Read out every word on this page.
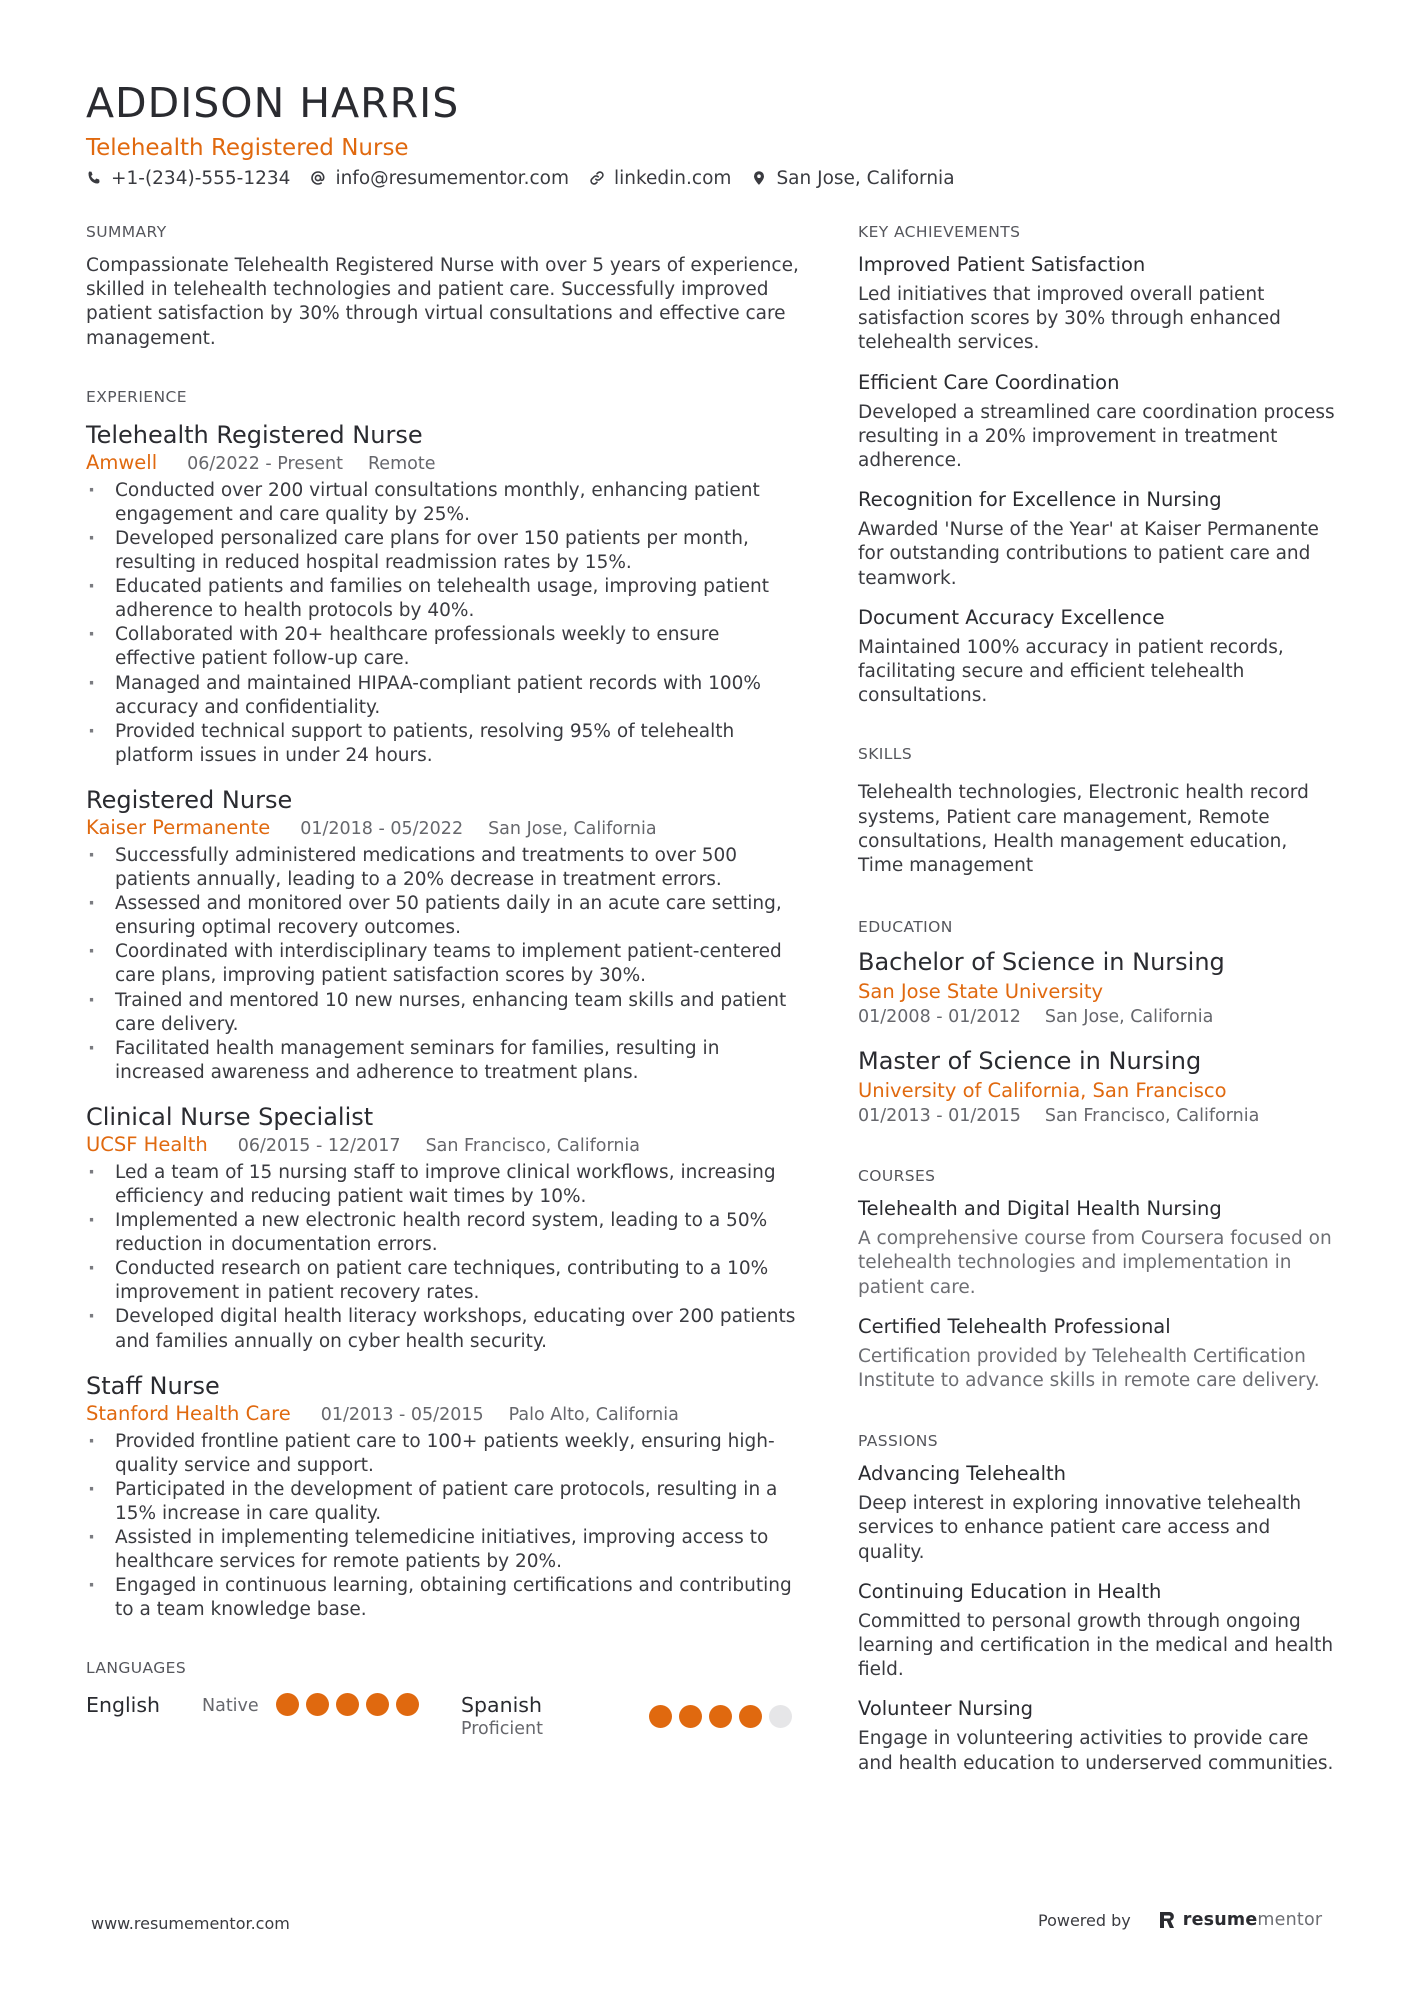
ADDISON HARRIS
Telehealth Registered Nurse
+1-(234)-555-1234 info@resumementor.com linkedin.com San Jose, California
SUMMARY
Compassionate Telehealth Registered Nurse with over 5 years of experience, skilled in telehealth technologies and patient care. Successfully improved patient satisfaction by 30% through virtual consultations and effective care management.
EXPERIENCE
Telehealth Registered Nurse
Amwell 06/2022 - Present Remote
· Conducted over 200 virtual consultations monthly, enhancing patient engagement and care quality by 25%.
· Developed personalized care plans for over 150 patients per month, resulting in reduced hospital readmission rates by 15%.
· Educated patients and families on telehealth usage, improving patient adherence to health protocols by 40%.
· Collaborated with 20+ healthcare professionals weekly to ensure effective patient follow-up care.
· Managed and maintained HIPAA-compliant patient records with 100% accuracy and confidentiality.
· Provided technical support to patients, resolving 95% of telehealth platform issues in under 24 hours.
Registered Nurse
Kaiser Permanente 01/2018 - 05/2022 San Jose, California
· Successfully administered medications and treatments to over 500 patients annually, leading to a 20% decrease in treatment errors.
· Assessed and monitored over 50 patients daily in an acute care setting, ensuring optimal recovery outcomes.
· Coordinated with interdisciplinary teams to implement patient-centered care plans, improving patient satisfaction scores by 30%.
· Trained and mentored 10 new nurses, enhancing team skills and patient care delivery.
· Facilitated health management seminars for families, resulting in increased awareness and adherence to treatment plans.
Clinical Nurse Specialist
UCSF Health 06/2015 - 12/2017 San Francisco, California
· Led a team of 15 nursing staff to improve clinical workflows, increasing efficiency and reducing patient wait times by 10%.
· Implemented a new electronic health record system, leading to a 50% reduction in documentation errors.
· Conducted research on patient care techniques, contributing to a 10% improvement in patient recovery rates.
· Developed digital health literacy workshops, educating over 200 patients and families annually on cyber health security.
Staff Nurse
Stanford Health Care 01/2013 - 05/2015 Palo Alto, California
· Provided frontline patient care to 100+ patients weekly, ensuring high-quality service and support.
· Participated in the development of patient care protocols, resulting in a 15% increase in care quality.
· Assisted in implementing telemedicine initiatives, improving access to healthcare services for remote patients by 20%.
· Engaged in continuous learning, obtaining certifications and contributing to a team knowledge base.
LANGUAGES
English	Native	Spanish
Proficient
KEY ACHIEVEMENTS
Improved Patient Satisfaction
Led initiatives that improved overall patient satisfaction scores by 30% through enhanced telehealth services.
Efficient Care Coordination
Developed a streamlined care coordination process resulting in a 20% improvement in treatment adherence.
Recognition for Excellence in Nursing
Awarded 'Nurse of the Year' at Kaiser Permanente for outstanding contributions to patient care and teamwork.
Document Accuracy Excellence
Maintained 100% accuracy in patient records, facilitating secure and efficient telehealth consultations.
SKILLS
Telehealth technologies, Electronic health record systems, Patient care management, Remote consultations, Health management education, Time management
EDUCATION
Bachelor of Science in Nursing
San Jose State University
01/2008 - 01/2012 San Jose, California
Master of Science in Nursing
University of California, San Francisco
01/2013 - 01/2015 San Francisco, California
COURSES
Telehealth and Digital Health Nursing
A comprehensive course from Coursera focused on telehealth technologies and implementation in patient care.
Certified Telehealth Professional
Certification provided by Telehealth Certification Institute to advance skills in remote care delivery.
PASSIONS
Advancing Telehealth
Deep interest in exploring innovative telehealth services to enhance patient care access and quality.
Continuing Education in Health
Committed to personal growth through ongoing learning and certification in the medical and health field.
Volunteer Nursing
Engage in volunteering activities to provide care and health education to underserved communities.
www.resumementor.com	Powered by	resume mentor
